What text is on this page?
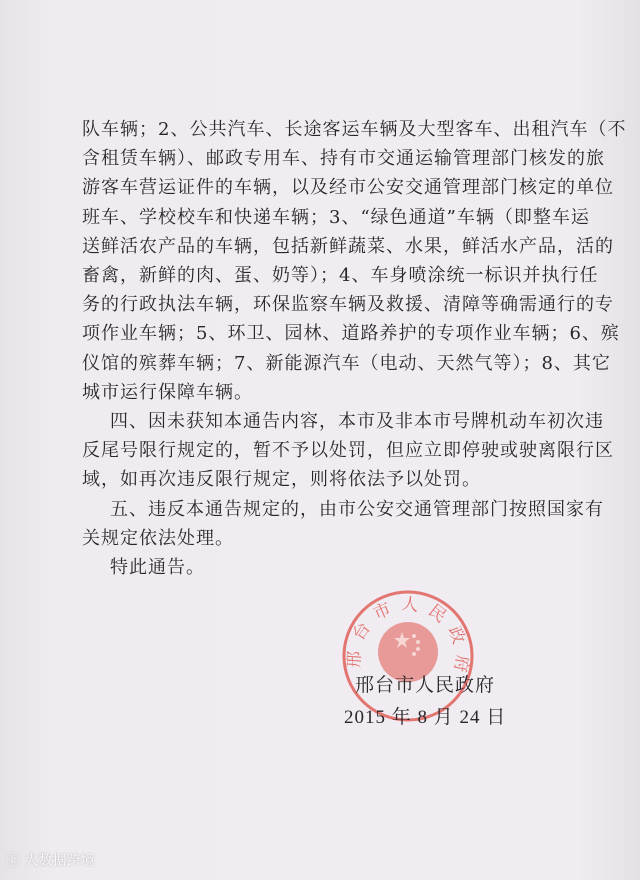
队车辆；2、公共汽车、长途客运车辆及大型客车、出租汽车（不
含租赁车辆）、邮政专用车、持有市交通运输管理部门核发的旅
游客车营运证件的车辆，以及经市公安交通管理部门核定的单位
班车、学校校车和快递车辆；3、“绿色通道”车辆（即整车运
送鲜活农产品的车辆，包括新鲜蔬菜、水果，鲜活水产品，活的
畜禽，新鲜的肉、蛋、奶等）；4、车身喷涂统一标识并执行任
务的行政执法车辆，环保监察车辆及救援、清障等确需通行的专
项作业车辆；5、环卫、园林、道路养护的专项作业车辆；6、殡
仪馆的殡葬车辆；7、新能源汽车（电动、天然气等）；8、其它
城市运行保障车辆。
四、因未获知本通告内容，本市及非本市号牌机动车初次违
反尾号限行规定的，暂不予以处罚，但应立即停驶或驶离限行区
域，如再次违反限行规定，则将依法予以处罚。
五、违反本通告规定的，由市公安交通管理部门按照国家有
关规定依法处理。
特此通告。
邢台市人民政府
邢台市人民政府
2015 年 8 月 24 日
ⓚ 大数据跨境
